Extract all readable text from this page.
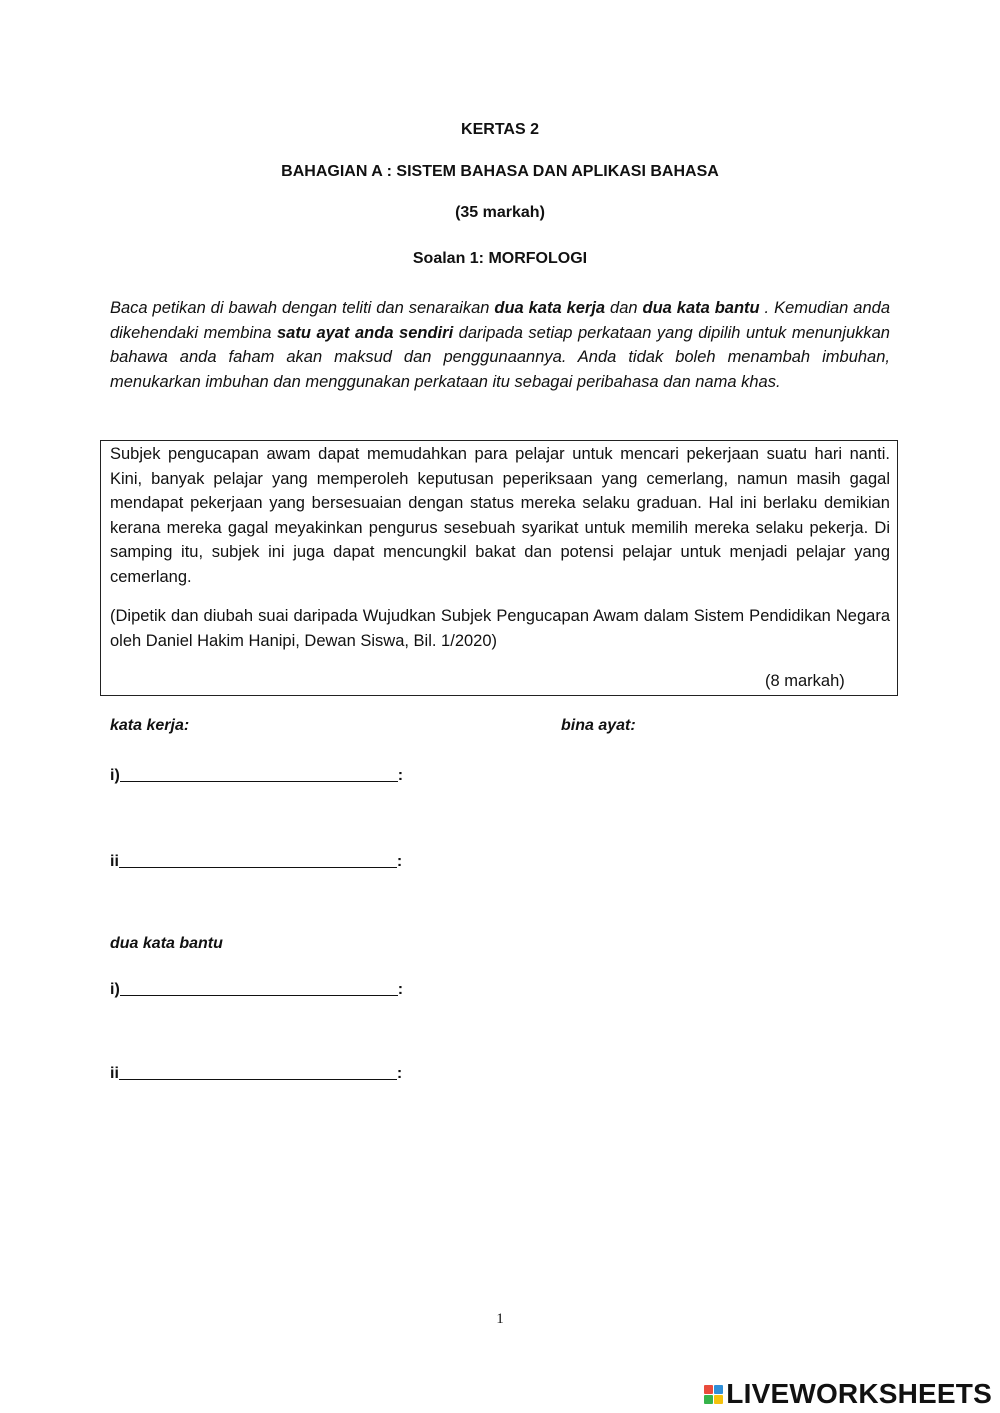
KERTAS 2
BAHAGIAN A : SISTEM BAHASA DAN APLIKASI BAHASA
(35 markah)
Soalan 1: MORFOLOGI
Baca petikan di bawah dengan teliti dan senaraikan dua kata kerja dan dua kata bantu . Kemudian anda dikehendaki membina satu ayat anda sendiri daripada setiap perkataan yang dipilih untuk menunjukkan bahawa anda faham akan maksud dan penggunaannya. Anda tidak boleh menambah imbuhan, menukarkan imbuhan dan menggunakan perkataan itu sebagai peribahasa dan nama khas.

Subjek pengucapan awam dapat memudahkan para pelajar untuk mencari pekerjaan suatu hari nanti. Kini, banyak pelajar yang memperoleh keputusan peperiksaan yang cemerlang, namun masih gagal mendapat pekerjaan yang bersesuaian dengan status mereka selaku graduan. Hal ini berlaku demikian kerana mereka gagal meyakinkan pengurus sesebuah syarikat untuk memilih mereka selaku pekerja. Di samping itu, subjek ini juga dapat mencungkil bakat dan potensi pelajar untuk menjadi pelajar yang cemerlang.

(Dipetik dan diubah suai daripada Wujudkan Subjek Pengucapan Awam dalam Sistem Pendidikan Negara oleh Daniel Hakim Hanipi, Dewan Siswa, Bil. 1/2020)
(8 markah)
kata kerja:	bina ayat:
i)	:
ii	:
dua kata bantu
i)	:
ii	:
1
LIVEWORKSHEETS
